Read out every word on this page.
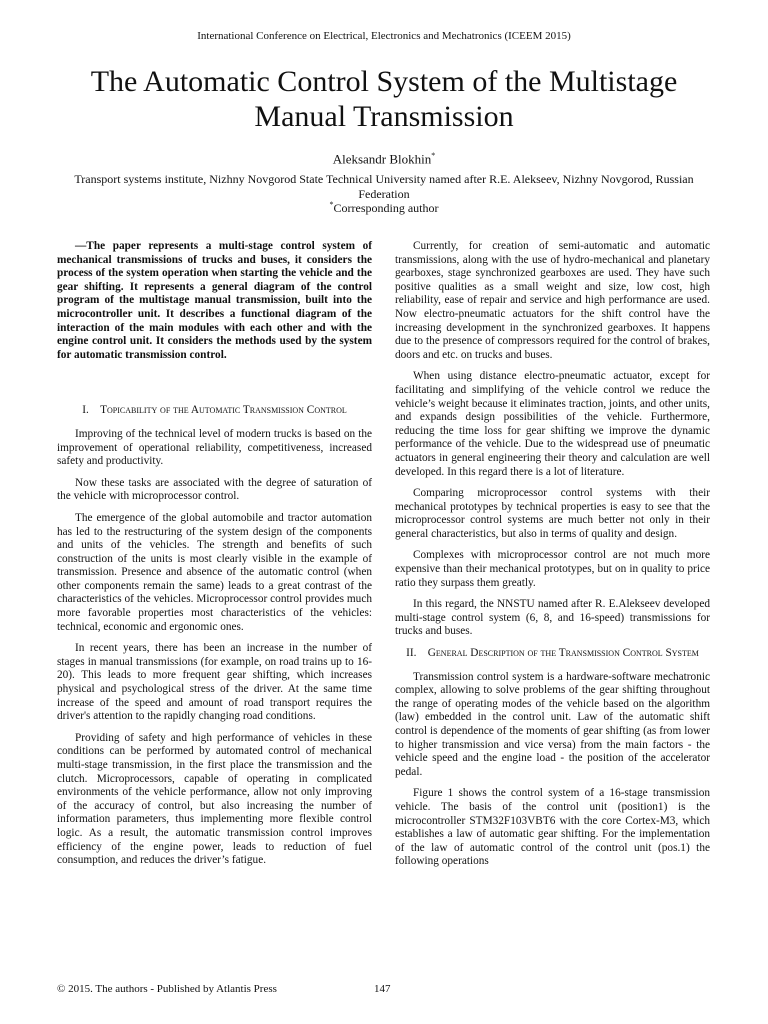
International Conference on Electrical, Electronics and Mechatronics (ICEEM 2015)
The Automatic Control System of the Multistage Manual Transmission
Aleksandr Blokhin*
Transport systems institute, Nizhny Novgorod State Technical University named after R.E. Alekseev, Nizhny Novgorod, Russian Federation
*Corresponding author

—The paper represents a multi-stage control system of mechanical transmissions of trucks and buses, it considers the process of the system operation when starting the vehicle and the gear shifting. It represents a general diagram of the control program of the multistage manual transmission, built into the microcontroller unit. It describes a functional diagram of the interaction of the main modules with each other and with the engine control unit. It considers the methods used by the system for automatic transmission control.

I. Topicability of the Automatic Transmission Control

Improving of the technical level of modern trucks is based on the improvement of operational reliability, competitiveness, increased safety and productivity.

Now these tasks are associated with the degree of saturation of the vehicle with microprocessor control.

The emergence of the global automobile and tractor automation has led to the restructuring of the system design of the components and units of the vehicles. The strength and benefits of such construction of the units is most clearly visible in the example of transmission. Presence and absence of the automatic control (when other components remain the same) leads to a great contrast of the characteristics of the vehicles. Microprocessor control provides much more favorable properties most characteristics of the vehicles: technical, economic and ergonomic ones.

In recent years, there has been an increase in the number of stages in manual transmissions (for example, on road trains up to 16-20). This leads to more frequent gear shifting, which increases physical and psychological stress of the driver. At the same time increase of the speed and amount of road transport requires the driver's attention to the rapidly changing road conditions.

Providing of safety and high performance of vehicles in these conditions can be performed by automated control of mechanical multi-stage transmission, in the first place the transmission and the clutch. Microprocessors, capable of operating in complicated environments of the vehicle performance, allow not only improving of the accuracy of control, but also increasing the number of information parameters, thus implementing more flexible control logic. As a result, the automatic transmission control improves efficiency of the engine power, leads to reduction of fuel consumption, and reduces the driver’s fatigue.

Currently, for creation of semi-automatic and automatic transmissions, along with the use of hydro-mechanical and planetary gearboxes, stage synchronized gearboxes are used. They have such positive qualities as a small weight and size, low cost, high reliability, ease of repair and service and high performance are used. Now electro-pneumatic actuators for the shift control have the increasing development in the synchronized gearboxes. It happens due to the presence of compressors required for the control of brakes, doors and etc. on trucks and buses.

When using distance electro-pneumatic actuator, except for facilitating and simplifying of the vehicle control we reduce the vehicle’s weight because it eliminates traction, joints, and other units, and expands design possibilities of the vehicle. Furthermore, reducing the time loss for gear shifting we improve the dynamic performance of the vehicle. Due to the widespread use of pneumatic actuators in general engineering their theory and calculation are well developed. In this regard there is a lot of literature.

Comparing microprocessor control systems with their mechanical prototypes by technical properties is easy to see that the microprocessor control systems are much better not only in their general characteristics, but also in terms of quality and design.

Complexes with microprocessor control are not much more expensive than their mechanical prototypes, but on in quality to price ratio they surpass them greatly.

In this regard, the NNSTU named after R. E.Alekseev developed multi-stage control system (6, 8, and 16-speed) transmissions for trucks and buses.

II. General Description of the Transmission Control System

Transmission control system is a hardware-software mechatronic complex, allowing to solve problems of the gear shifting throughout the range of operating modes of the vehicle based on the algorithm (law) embedded in the control unit. Law of the automatic shift control is dependence of the moments of gear shifting (as from lower to higher transmission and vice versa) from the main factors - the vehicle speed and the engine load - the position of the accelerator pedal.

Figure 1 shows the control system of a 16-stage transmission vehicle. The basis of the control unit (position1) is the microcontroller STM32F103VBT6 with the core Cortex-M3, which establishes a law of automatic gear shifting. For the implementation of the law of automatic control of the control unit (pos.1) the following operations

© 2015. The authors - Published by Atlantis Press	147
